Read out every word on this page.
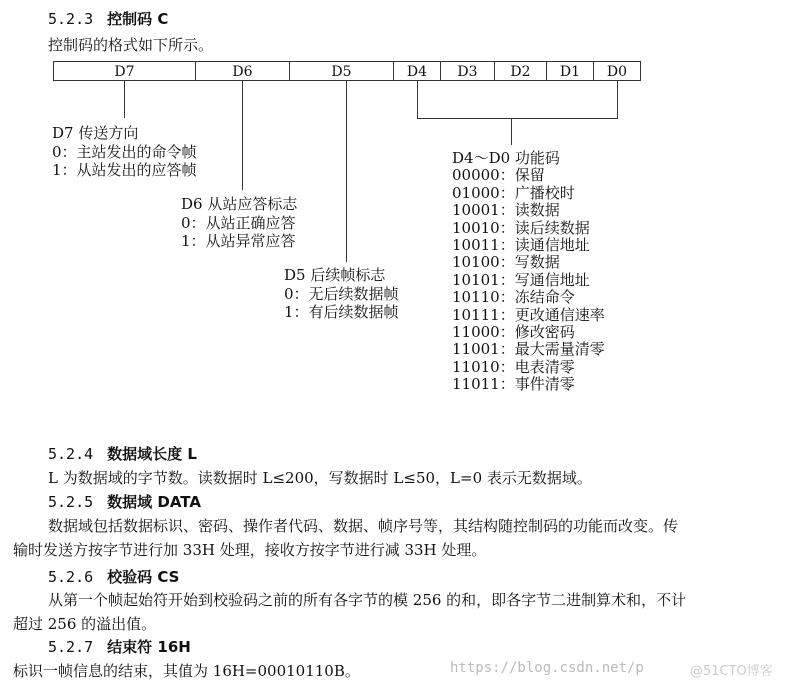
5.2.3 控制码 C
控制码的格式如下所示。
D7	D6	D5	D4	D3	D2	D1	D0
D7 传送方向
0：主站发出的命令帧
1：从站发出的应答帧
D6 从站应答标志
0：从站正确应答
1：从站异常应答
D5 后续帧标志
0：无后续数据帧
1：有后续数据帧
D4～D0 功能码
00000：保留
01000：广播校时
10001：读数据
10010：读后续数据
10011：读通信地址
10100：写数据
10101：写通信地址
10110：冻结命令
10111：更改通信速率
11000：修改密码
11001：最大需量清零
11010：电表清零
11011：事件清零
5.2.4 数据域长度 L
L 为数据域的字节数。读数据时 L≤200，写数据时 L≤50，L=0 表示无数据域。
5.2.5 数据域 DATA
数据域包括数据标识、密码、操作者代码、数据、帧序号等，其结构随控制码的功能而改变。传
输时发送方按字节进行加 33H 处理，接收方按字节进行减 33H 处理。
5.2.6 校验码 CS
从第一个帧起始符开始到校验码之前的所有各字节的模 256 的和，即各字节二进制算术和，不计
超过 256 的溢出值。
5.2.7 结束符 16H
标识一帧信息的结束，其值为 16H=00010110B。	https://blog.csdn.net/p	@51CTO博客
